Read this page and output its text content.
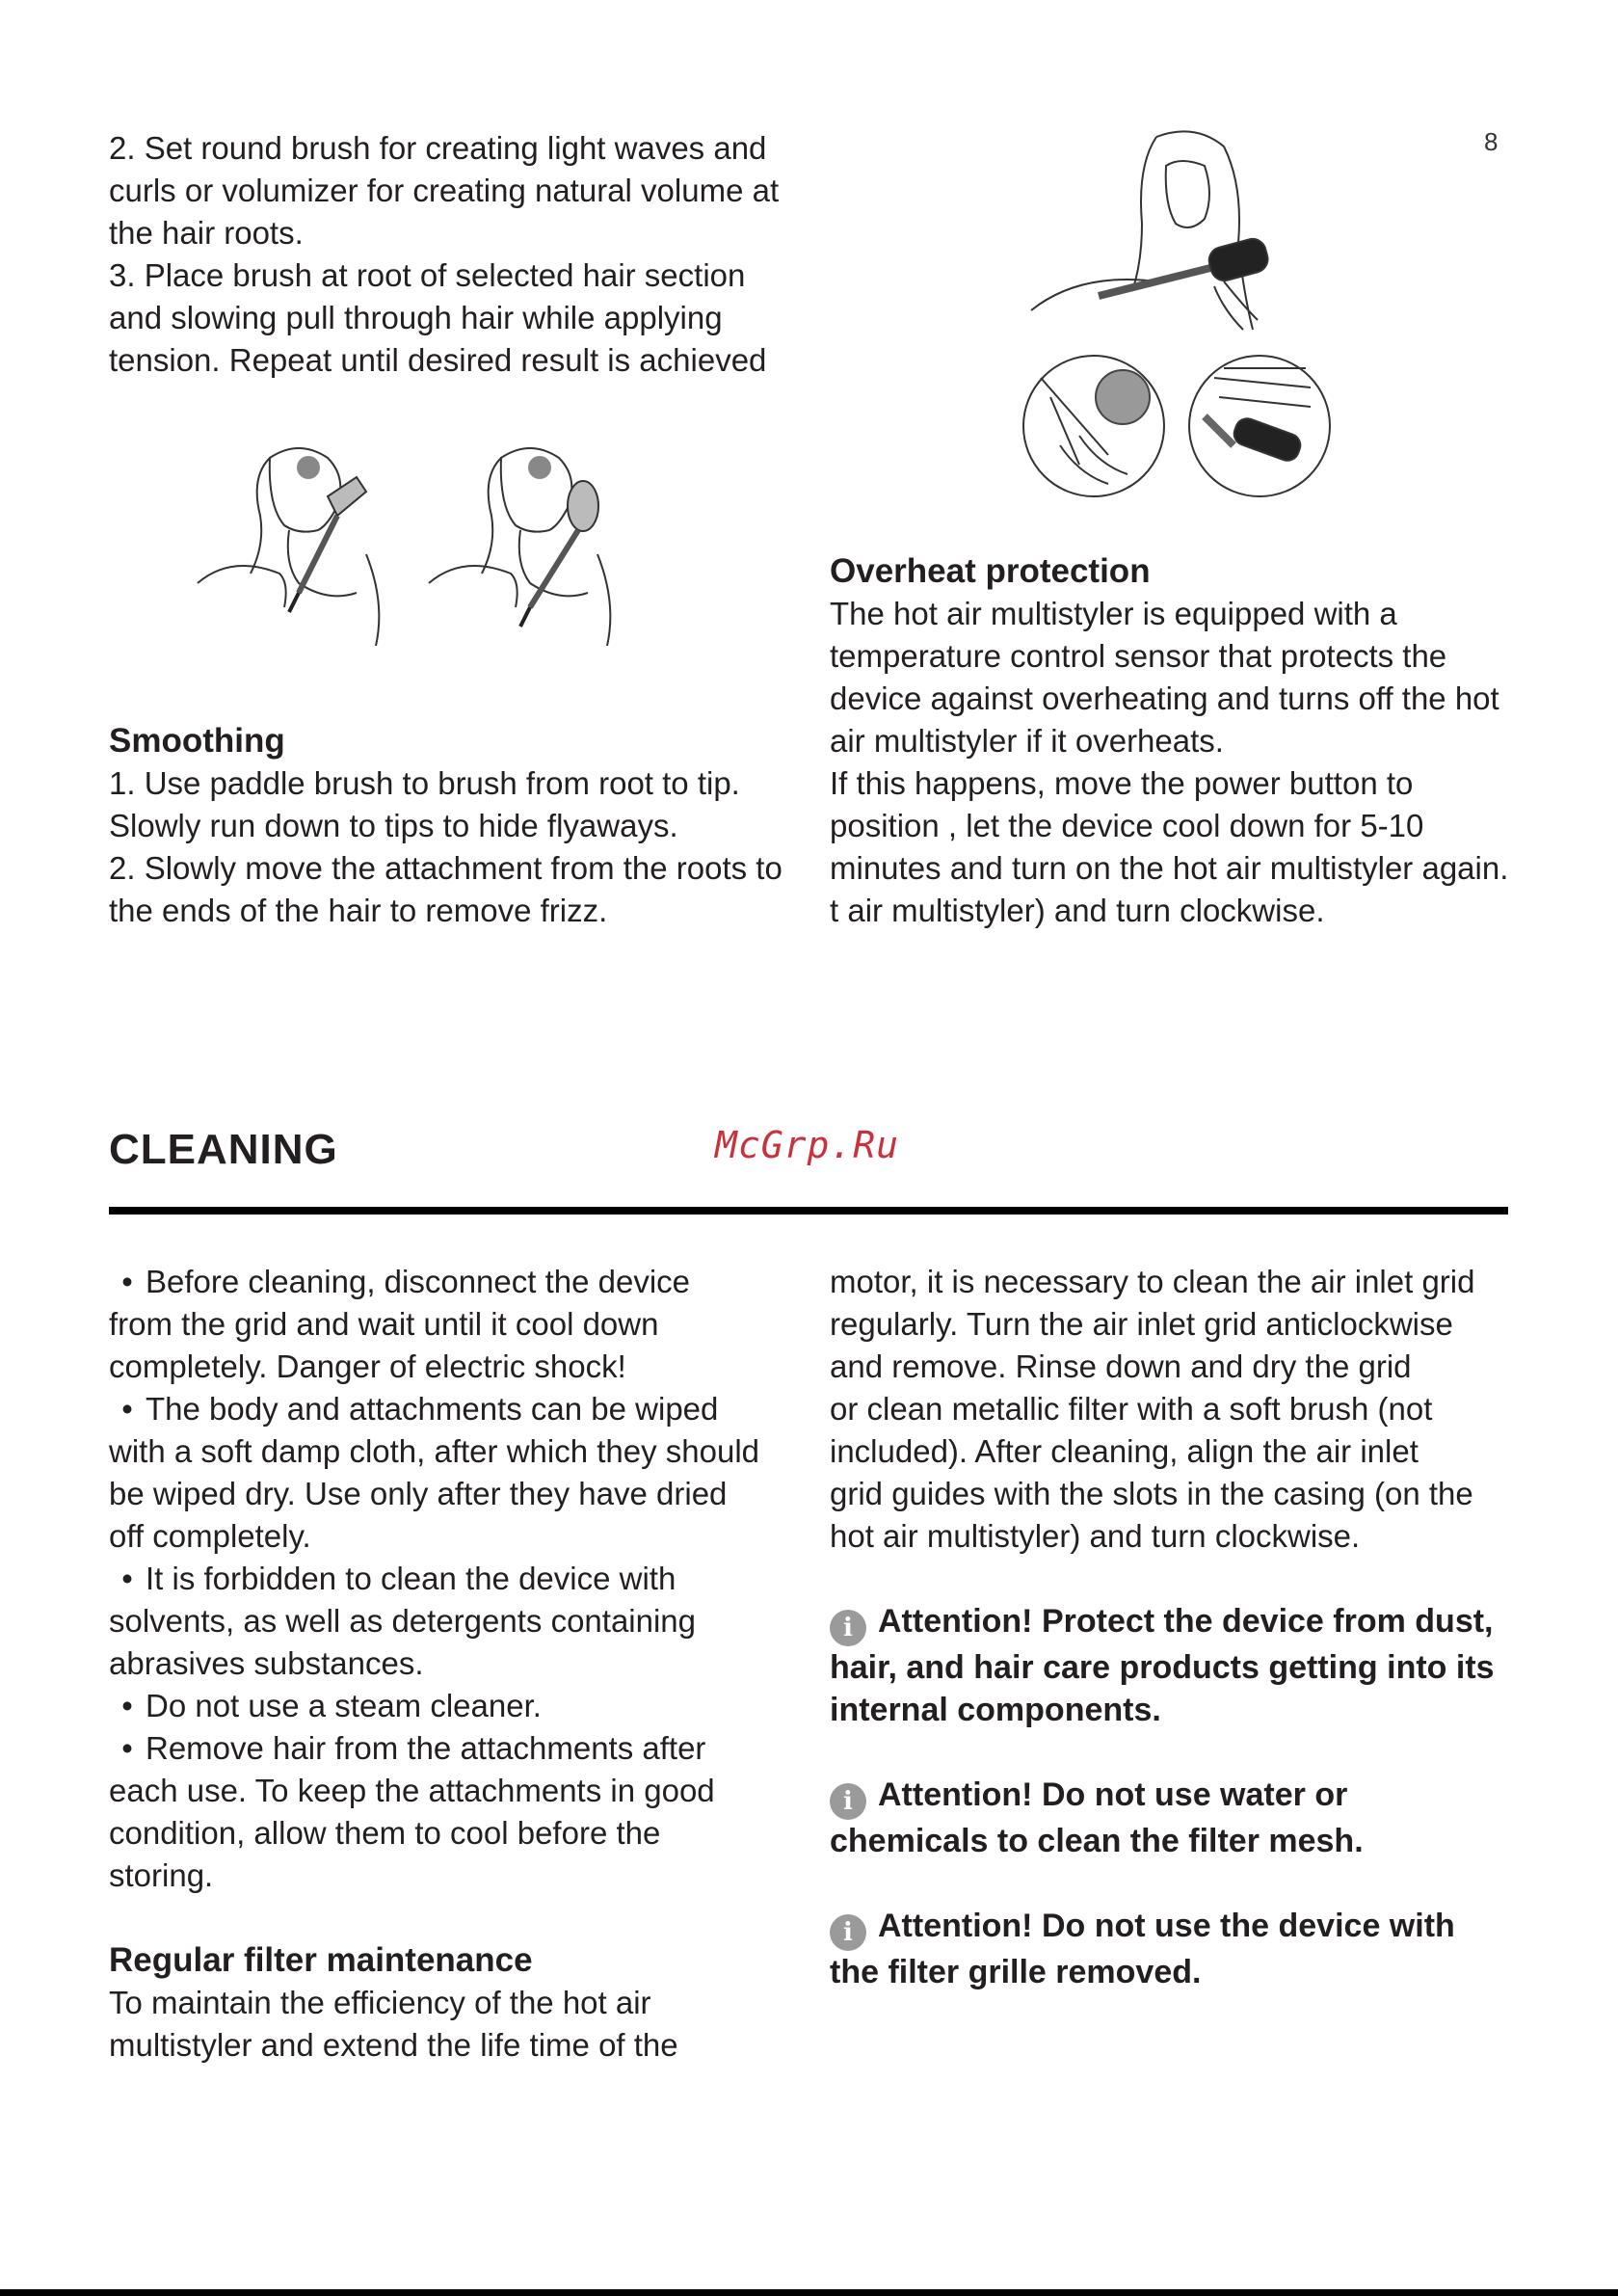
8

2. Set round brush for creating light waves and

curls or volumizer for creating natural volume at

the hair roots.

3. Place brush at root of selected hair section

and slowing pull through hair while applying

tension. Repeat until desired result is achieved

Smoothing

1. Use paddle brush to brush from root to tip.

Slowly run down to tips to hide flyaways.

2. Slowly move the attachment from the roots to

the ends of the hair to remove frizz.

Overheat protection

The hot air multistyler is equipped with a

temperature control sensor that protects the

device against overheating and turns off the hot

air multistyler if it overheats.

If this happens, move the power button to

position , let the device cool down for 5-10

minutes and turn on the hot air multistyler again.

t air multistyler) and turn clockwise.

CLEANING	McGrp.Ru

• Before cleaning, disconnect the device

from the grid and wait until it cool down

completely. Danger of electric shock!

• The body and attachments can be wiped

with a soft damp cloth, after which they should

be wiped dry. Use only after they have dried

off completely.

• It is forbidden to clean the device with

solvents, as well as detergents containing

abrasives substances.

• Do not use a steam cleaner.

• Remove hair from the attachments after

each use. To keep the attachments in good

condition, allow them to cool before the

storing.

Regular filter maintenance

To maintain the efficiency of the hot air

multistyler and extend the life time of the

motor, it is necessary to clean the air inlet grid

regularly. Turn the air inlet grid anticlockwise

and remove. Rinse down and dry the grid

or clean metallic filter with a soft brush (not

included). After cleaning, align the air inlet

grid guides with the slots in the casing (on the

hot air multistyler) and turn clockwise.

i Attention! Protect the device from dust,

hair, and hair care products getting into its

internal components.

i Attention! Do not use water or

chemicals to clean the filter mesh.

i Attention! Do not use the device with

the filter grille removed.
